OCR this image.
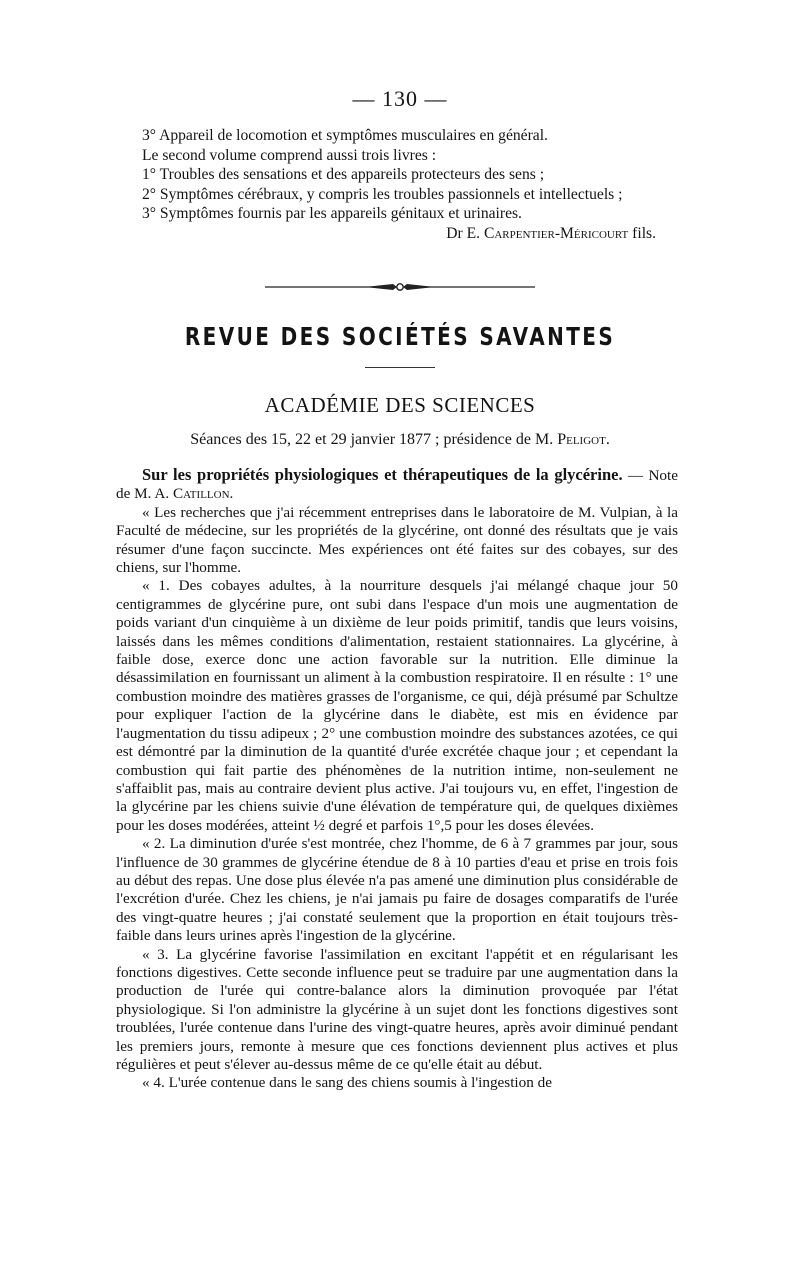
— 130 —

3° Appareil de locomotion et symptômes musculaires en général.

Le second volume comprend aussi trois livres :

1° Troubles des sensations et des appareils protecteurs des sens ;

2° Symptômes cérébraux, y compris les troubles passionnels et intellectuels ;

3° Symptômes fournis par les appareils génitaux et urinaires.

Dr E. Carpentier-Méricourt fils.

REVUE DES SOCIÉTÉS SAVANTES
ACADÉMIE DES SCIENCES
Séances des 15, 22 et 29 janvier 1877 ; présidence de M. Peligot.

Sur les propriétés physiologiques et thérapeutiques de la glycérine. — Note de M. A. Catillon.

« Les recherches que j'ai récemment entreprises dans le laboratoire de M. Vulpian, à la Faculté de médecine, sur les propriétés de la glycérine, ont donné des résultats que je vais résumer d'une façon succincte. Mes expériences ont été faites sur des cobayes, sur des chiens, sur l'homme.

« 1. Des cobayes adultes, à la nourriture desquels j'ai mélangé chaque jour 50 centigrammes de glycérine pure, ont subi dans l'espace d'un mois une augmentation de poids variant d'un cinquième à un dixième de leur poids primitif, tandis que leurs voisins, laissés dans les mêmes conditions d'alimentation, restaient stationnaires. La glycérine, à faible dose, exerce donc une action favorable sur la nutrition. Elle diminue la désassimilation en fournissant un aliment à la combustion respiratoire. Il en résulte : 1° une combustion moindre des matières grasses de l'organisme, ce qui, déjà présumé par Schultze pour expliquer l'action de la glycérine dans le diabète, est mis en évidence par l'augmentation du tissu adipeux ; 2° une combustion moindre des substances azotées, ce qui est démontré par la diminution de la quantité d'urée excrétée chaque jour ; et cependant la combustion qui fait partie des phénomènes de la nutrition intime, non-seulement ne s'affaiblit pas, mais au contraire devient plus active. J'ai toujours vu, en effet, l'ingestion de la glycérine par les chiens suivie d'une élévation de température qui, de quelques dixièmes pour les doses modérées, atteint ½ degré et parfois 1°,5 pour les doses élevées.

« 2. La diminution d'urée s'est montrée, chez l'homme, de 6 à 7 grammes par jour, sous l'influence de 30 grammes de glycérine étendue de 8 à 10 parties d'eau et prise en trois fois au début des repas. Une dose plus élevée n'a pas amené une diminution plus considérable de l'excrétion d'urée. Chez les chiens, je n'ai jamais pu faire de dosages comparatifs de l'urée des vingt-quatre heures ; j'ai constaté seulement que la proportion en était toujours très-faible dans leurs urines après l'ingestion de la glycérine.

« 3. La glycérine favorise l'assimilation en excitant l'appétit et en régularisant les fonctions digestives. Cette seconde influence peut se traduire par une augmentation dans la production de l'urée qui contre-balance alors la diminution provoquée par l'état physiologique. Si l'on administre la glycérine à un sujet dont les fonctions digestives sont troublées, l'urée contenue dans l'urine des vingt-quatre heures, après avoir diminué pendant les premiers jours, remonte à mesure que ces fonctions deviennent plus actives et plus régulières et peut s'élever au-dessus même de ce qu'elle était au début.

« 4. L'urée contenue dans le sang des chiens soumis à l'ingestion de
